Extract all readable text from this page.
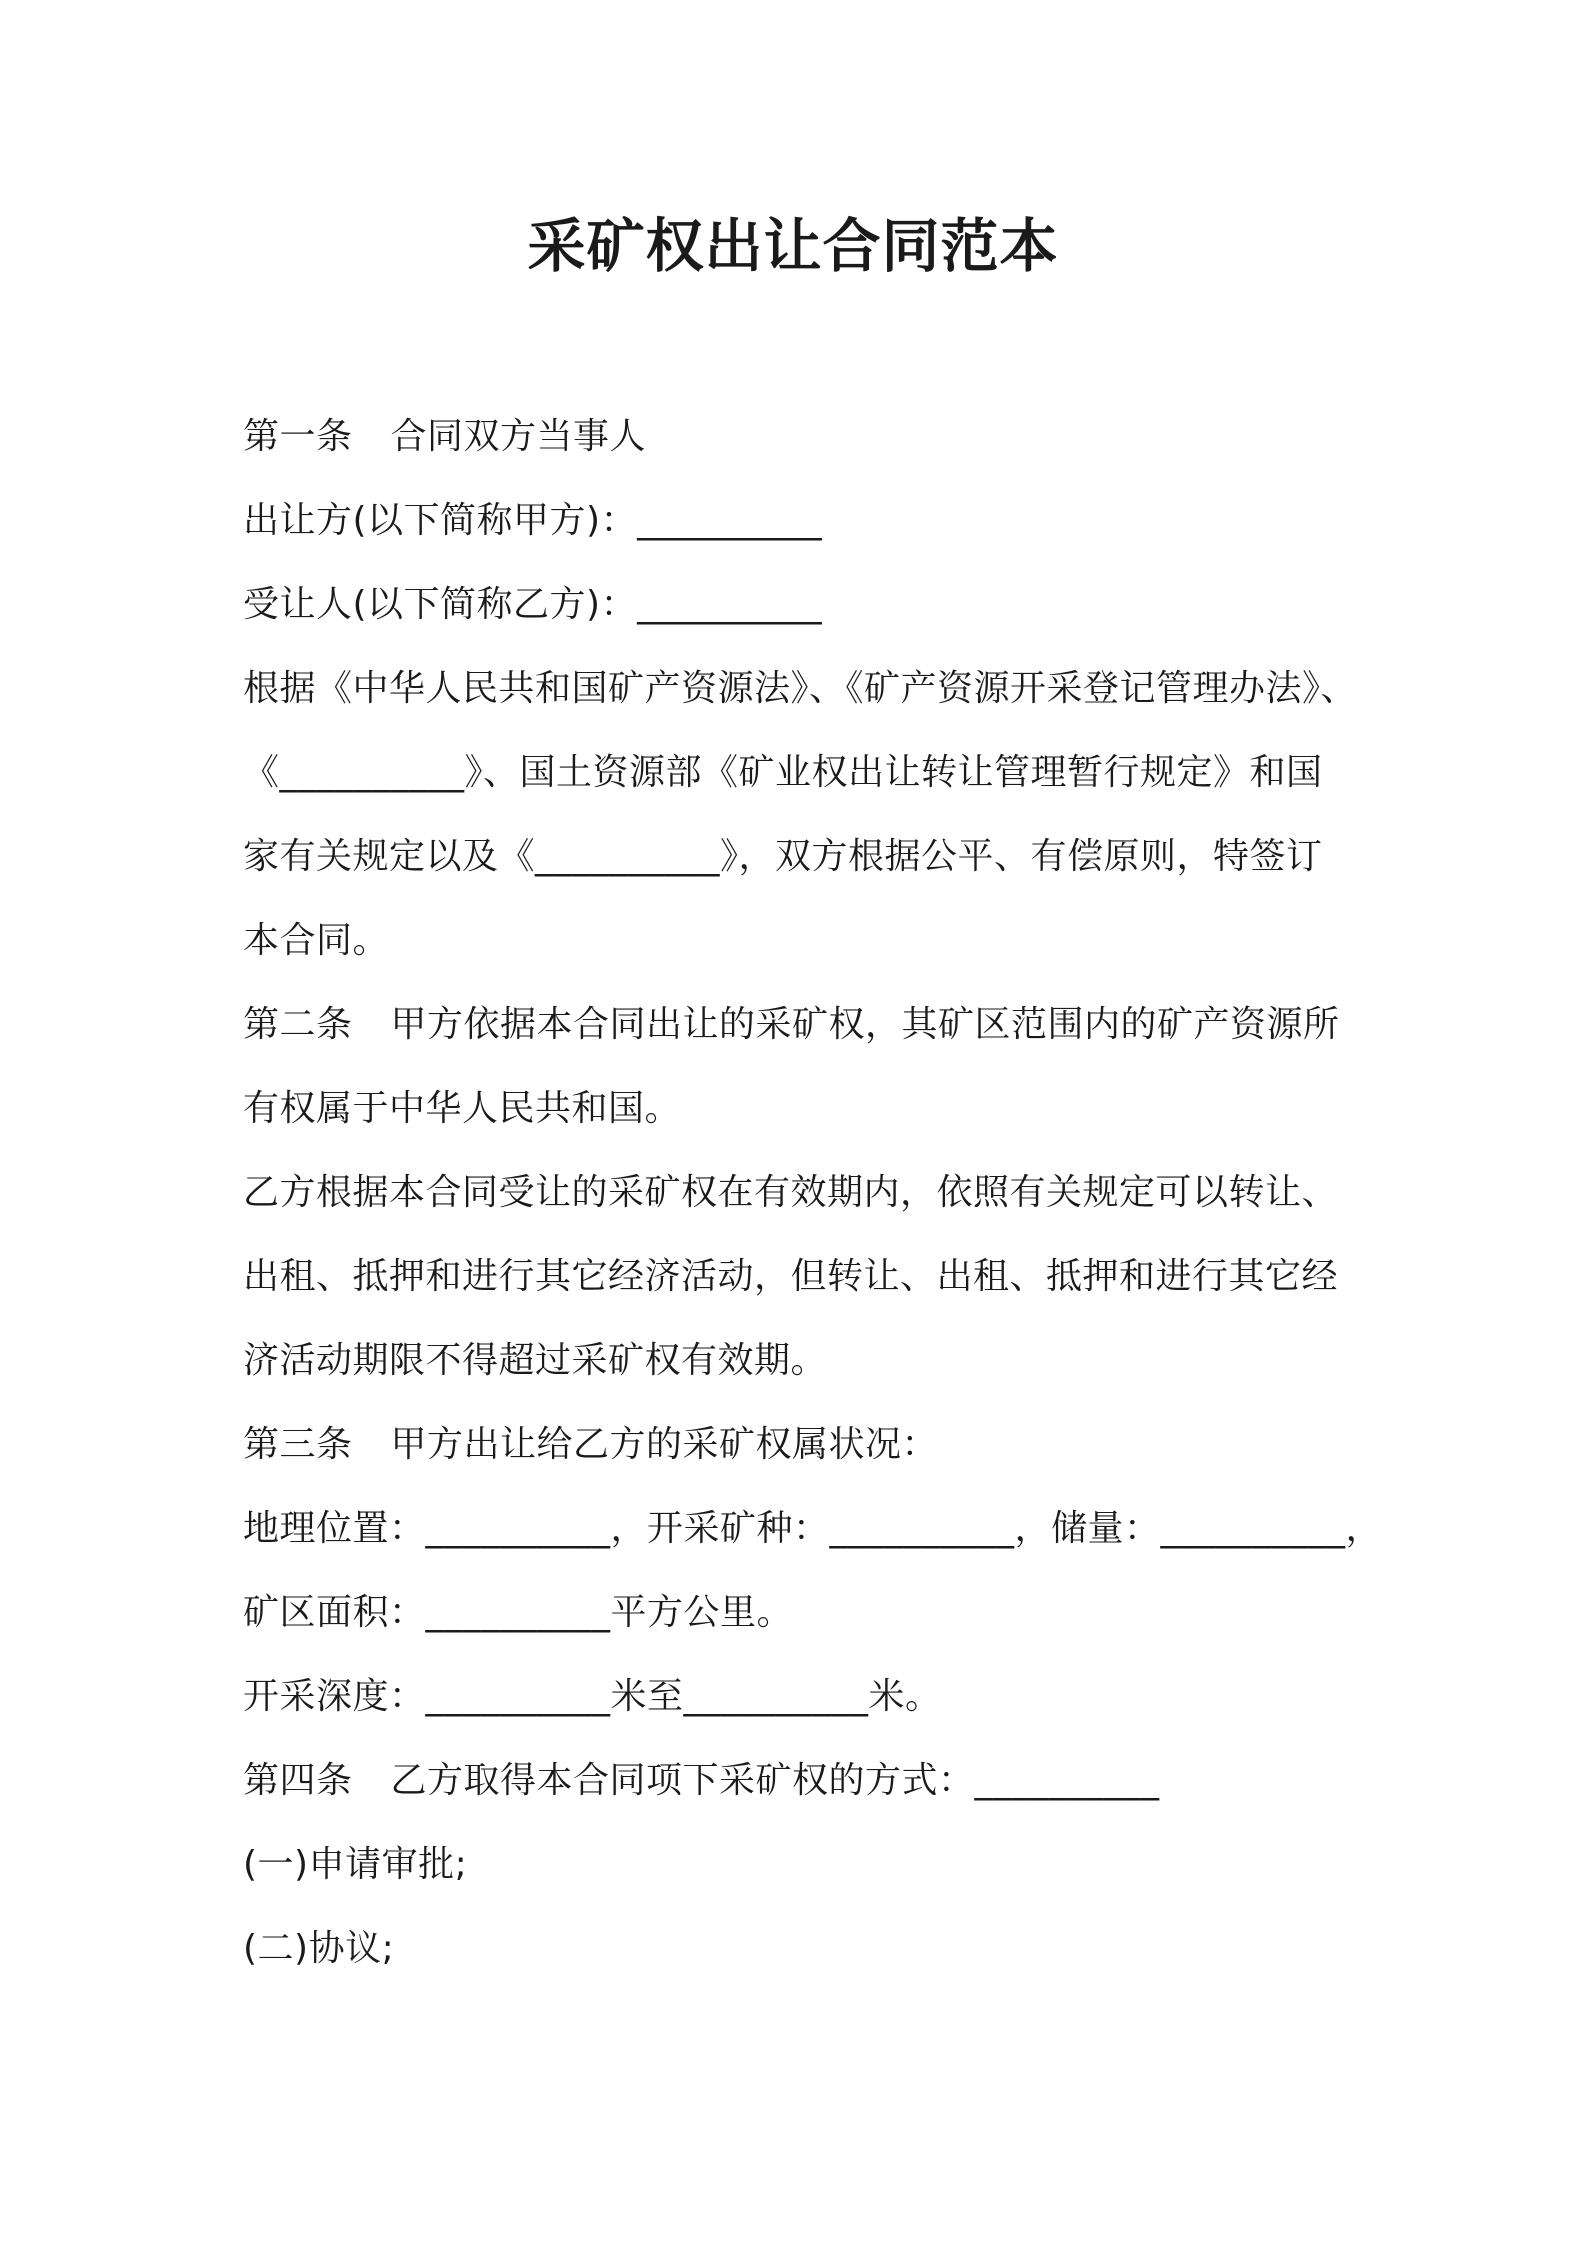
采矿权出让合同范本
第一条 合同双方当事人
出让方(以下简称甲方)：__________
受让人(以下简称乙方)：__________
根据《中华人民共和国矿产资源法》、《矿产资源开采登记管理办法》、
《__________》、国土资源部《矿业权出让转让管理暂行规定》和国
家有关规定以及《__________》，双方根据公平、有偿原则，特签订
本合同。
第二条 甲方依据本合同出让的采矿权，其矿区范围内的矿产资源所
有权属于中华人民共和国。
乙方根据本合同受让的采矿权在有效期内，依照有关规定可以转让、
出租、抵押和进行其它经济活动，但转让、出租、抵押和进行其它经
济活动期限不得超过采矿权有效期。
第三条 甲方出让给乙方的采矿权属状况：
地理位置：__________，开采矿种：__________，储量：__________，
矿区面积：__________平方公里。
开采深度：__________米至__________米。
第四条 乙方取得本合同项下采矿权的方式：__________
(一)申请审批;
(二)协议;
